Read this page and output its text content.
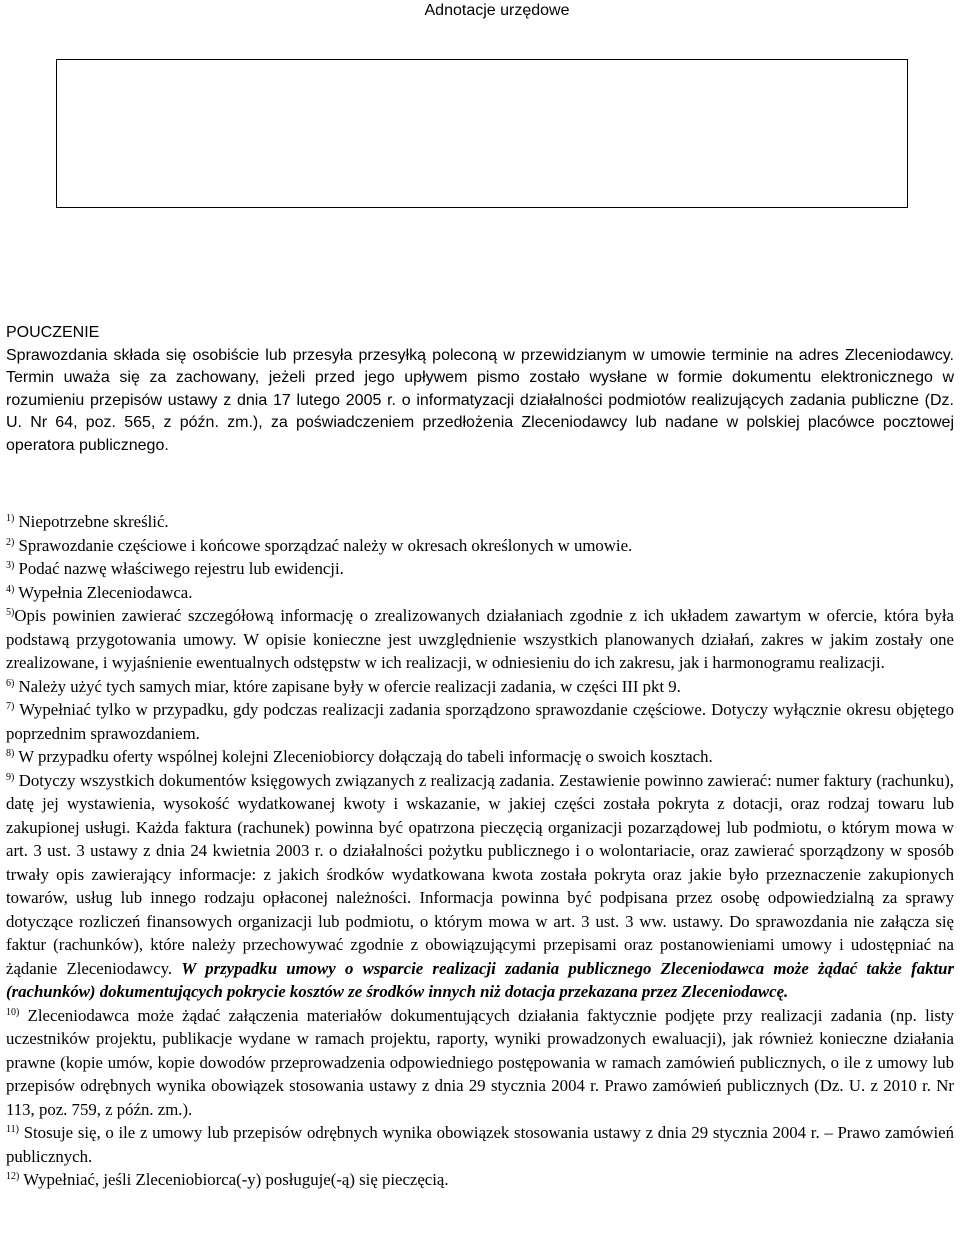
Adnotacje urzędowe
POUCZENIE
Sprawozdania składa się osobiście lub przesyła przesyłką poleconą w przewidzianym w umowie terminie na adres Zleceniodawcy. Termin uważa się za zachowany, jeżeli przed jego upływem pismo zostało wysłane w formie dokumentu elektronicznego w rozumieniu przepisów ustawy z dnia 17 lutego 2005 r. o informatyzacji działalności podmiotów realizujących zadania publiczne (Dz. U. Nr 64, poz. 565, z późn. zm.), za poświadczeniem przedłożenia Zleceniodawcy lub nadane w polskiej placówce pocztowej operatora publicznego.
$^{1)}$ Niepotrzebne skreślić.
$^{2)}$ Sprawozdanie częściowe i końcowe sporządzać należy w okresach określonych w umowie.
$^{3)}$ Podać nazwę właściwego rejestru lub ewidencji.
$^{4)}$ Wypełnia Zleceniodawca.
$^{5)}$Opis powinien zawierać szczegółową informację o zrealizowanych działaniach zgodnie z ich układem zawartym w ofercie, która była podstawą przygotowania umowy. W opisie konieczne jest uwzględnienie wszystkich planowanych działań, zakres w jakim zostały one zrealizowane, i wyjaśnienie ewentualnych odstępstw w ich realizacji, w odniesieniu do ich zakresu, jak i harmonogramu realizacji.
$^{6)}$ Należy użyć tych samych miar, które zapisane były w ofercie realizacji zadania, w części III pkt 9.
$^{7)}$ Wypełniać tylko w przypadku, gdy podczas realizacji zadania sporządzono sprawozdanie częściowe. Dotyczy wyłącznie okresu objętego poprzednim sprawozdaniem.
$^{8)}$ W przypadku oferty wspólnej kolejni Zleceniobiorcy dołączają do tabeli informację o swoich kosztach.
$^{9)}$ Dotyczy wszystkich dokumentów księgowych związanych z realizacją zadania. Zestawienie powinno zawierać: numer faktury (rachunku), datę jej wystawienia, wysokość wydatkowanej kwoty i wskazanie, w jakiej części została pokryta z dotacji, oraz rodzaj towaru lub zakupionej usługi. Każda faktura (rachunek) powinna być opatrzona pieczęcią organizacji pozarządowej lub podmiotu, o którym mowa w art. 3 ust. 3 ustawy z dnia 24 kwietnia 2003 r. o działalności pożytku publicznego i o wolontariacie, oraz zawierać sporządzony w sposób trwały opis zawierający informacje: z jakich środków wydatkowana kwota została pokryta oraz jakie było przeznaczenie zakupionych towarów, usług lub innego rodzaju opłaconej należności. Informacja powinna być podpisana przez osobę odpowiedzialną za sprawy dotyczące rozliczeń finansowych organizacji lub podmiotu, o którym mowa w art. 3 ust. 3 ww. ustawy. Do sprawozdania nie załącza się faktur (rachunków), które należy przechowywać zgodnie z obowiązującymi przepisami oraz postanowieniami umowy i udostępniać na żądanie Zleceniodawcy. W przypadku umowy o wsparcie realizacji zadania publicznego Zleceniodawca może żądać także faktur (rachunków) dokumentujących pokrycie kosztów ze środków innych niż dotacja przekazana przez Zleceniodawcę.
$^{10)}$ Zleceniodawca może żądać załączenia materiałów dokumentujących działania faktycznie podjęte przy realizacji zadania (np. listy uczestników projektu, publikacje wydane w ramach projektu, raporty, wyniki prowadzonych ewaluacji), jak również konieczne działania prawne (kopie umów, kopie dowodów przeprowadzenia odpowiedniego postępowania w ramach zamówień publicznych, o ile z umowy lub przepisów odrębnych wynika obowiązek stosowania ustawy z dnia 29 stycznia 2004 r. Prawo zamówień publicznych (Dz. U. z 2010 r. Nr 113, poz. 759, z późn. zm.).
$^{11)}$ Stosuje się, o ile z umowy lub przepisów odrębnych wynika obowiązek stosowania ustawy z dnia 29 stycznia 2004 r. – Prawo zamówień publicznych.
$^{12)}$ Wypełniać, jeśli Zleceniobiorca(-y) posługuje(-ą) się pieczęcią.
